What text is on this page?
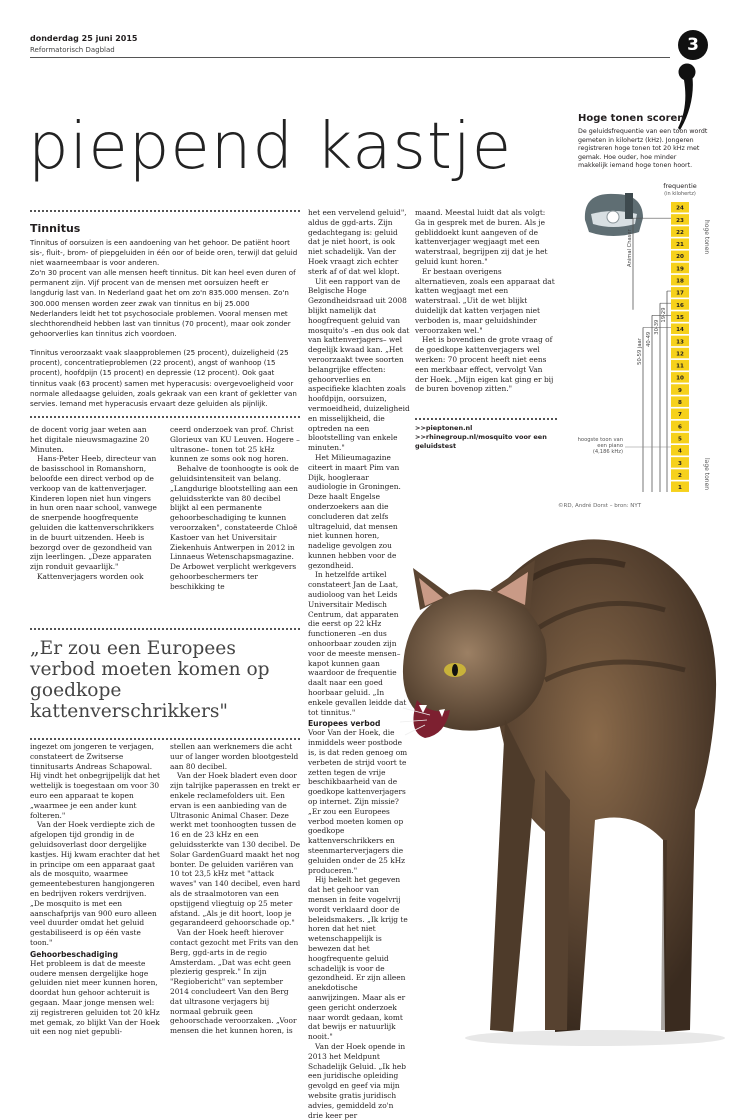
donderdag 25 juni 2015
Reformatorisch Dagblad	3
piepend kastje
Tinnitus

Tinnitus of oorsuizen is een aandoening van het gehoor. De patiënt hoort sis-, fluit-, brom- of piepgeluiden in één oor of beide oren, terwijl dat geluid niet waarneembaar is voor anderen.

Zo'n 30 procent van alle mensen heeft tinnitus. Dit kan heel even duren of permanent zijn. Vijf procent van de mensen met oorsuizen heeft er langdurig last van. In Nederland gaat het om zo'n 835.000 mensen. Zo'n 300.000 mensen worden zeer zwak van tinnitus en bij 25.000 Nederlanders leidt het tot psychosociale problemen. Vooral mensen met slechthorendheid hebben last van tinnitus (70 procent), maar ook zonder gehoorverlies kan tinnitus zich voordoen.

Tinnitus veroorzaakt vaak slaapproblemen (25 procent), duizeligheid (25 procent), concentratieproblemen (22 procent), angst of wanhoop (15 procent), hoofdpijn (15 procent) en depressie (12 procent). Ook gaat tinnitus vaak (63 procent) samen met hyperacusis: overgevoeligheid voor normale alledaagse geluiden, zoals gekraak van een krant of gekletter van servies. Iemand met hyperacusis ervaart deze geluiden als pijnlijk.

de docent vorig jaar weten aan het digitale nieuwsmagazine 20 Minuten.

Hans-Peter Heeb, directeur van de basisschool in Romanshorn, beloofde een direct verbod op de verkoop van de kattenverjager. Kinderen lopen niet hun vingers in hun oren naar school, vanwege de snerpende hoogfrequente geluiden die kattenverschrikkers in de buurt uitzenden. Heeb is bezorgd over de gezondheid van zijn leerlingen. „Deze apparaten zijn ronduit gevaarlijk."

Kattenverjagers worden ook

ceerd onderzoek van prof. Christ Glorieux van KU Leuven. Hogere –ultrasone– tonen tot 25 kHz kunnen ze soms ook nog horen.

Behalve de toonhoogte is ook de geluidsintensiteit van belang. „Langdurige blootstelling aan een geluidssterkte van 80 decibel blijkt al een permanente gehoorbeschadiging te kunnen veroorzaken", constateerde Chloë Kastoer van het Universitair Ziekenhuis Antwerpen in 2012 in Linnaeus Wetenschapsmagazine. De Arbowet verplicht werkgevers gehoorbeschermers ter beschikking te

„Er zou een Europees verbod moeten komen op goedkope kattenverschrikkers"

ingezet om jongeren te verjagen, constateert de Zwitserse tinnitusarts Andreas Schapowal. Hij vindt het onbegrijpelijk dat het wettelijk is toegestaan om voor 30 euro een apparaat te kopen „waarmee je een ander kunt folteren."

Van der Hoek verdiepte zich de afgelopen tijd grondig in de geluidsoverlast door dergelijke kastjes. Hij kwam erachter dat het in principe om een apparaat gaat als de mosquito, waarmee gemeentebesturen hangjongeren en bedrijven rokers verdrijven. „De mosquito is met een aanschafprijs van 900 euro alleen veel duurder omdat het geluid gestabiliseerd is op één vaste toon."

Gehoorbeschadiging

Het probleem is dat de meeste oudere mensen dergelijke hoge geluiden niet meer kunnen horen, doordat hun gehoor achteruit is gegaan. Maar jonge mensen wel: zij registreren geluiden tot 20 kHz met gemak, zo blijkt Van der Hoek uit een nog niet gepubli-

stellen aan werknemers die acht uur of langer worden blootgesteld aan 80 decibel.

Van der Hoek bladert even door zijn talrijke paperassen en trekt er enkele reclamefolders uit. Een ervan is een aanbieding van de Ultrasonic Animal Chaser. Deze werkt met toonhoogten tussen de 16 en de 23 kHz en een geluidssterkte van 130 decibel. De Solar GardenGuard maakt het nog bonter. De geluiden variëren van 10 tot 23,5 kHz met "attack waves" van 140 decibel, even hard als de straalmotoren van een opstijgend vliegtuig op 25 meter afstand. „Als je dit hoort, loop je gegarandeerd gehoorschade op."

Van der Hoek heeft hierover contact gezocht met Frits van den Berg, ggd-arts in de regio Amsterdam. „Dat was echt geen plezierig gesprek." In zijn "Regiobericht" van september 2014 concludeert Van den Berg dat ultrasone verjagers bij normaal gebruik geen gehoorschade veroorzaken. „Voor mensen die het kunnen horen, is

het een vervelend geluid", aldus de ggd-arts. Zijn gedachtegang is: geluid dat je niet hoort, is ook niet schadelijk. Van der Hoek vraagt zich echter sterk af of dat wel klopt.

Uit een rapport van de Belgische Hoge Gezondheidsraad uit 2008 blijkt namelijk dat hoogfrequent geluid van mosquito's –en dus ook dat van kattenverjagers– wel degelijk kwaad kan. „Het veroorzaakt twee soorten belangrijke effecten: gehoorverlies en aspecifieke klachten zoals hoofdpijn, oorsuizen, vermoeidheid, duizeligheid en misselijkheid, die optreden na een blootstelling van enkele minuten."

Het Milieumagazine citeert in maart Pim van Dijk, hoogleraar audiologie in Groningen. Deze haalt Engelse onderzoekers aan die concluderen dat zelfs ultrageluid, dat mensen niet kunnen horen, nadelige gevolgen zou kunnen hebben voor de gezondheid.

In hetzelfde artikel constateert Jan de Laat, audioloog van het Leids Universitair Medisch Centrum, dat apparaten die eerst op 22 kHz functioneren –en dus onhoorbaar zouden zijn voor de meeste mensen– kapot kunnen gaan waardoor de frequentie daalt naar een goed hoorbaar geluid. „In enkele gevallen leidde dat tot tinnitus."

Europees verbod

Voor Van der Hoek, die inmiddels weer postbode is, is dat reden genoeg om verbeten de strijd voort te zetten tegen de vrije beschikbaarheid van de goedkope kattenverjagers op internet. Zijn missie? „Er zou een Europees verbod moeten komen op goedkope kattenverschrikkers en steenmarterverjagers die geluiden onder de 25 kHz produceren."

Hij hekelt het gegeven dat het gehoor van mensen in feite vogelvrij wordt verklaard door de beleidsmakers. „Ik krijg te horen dat het niet wetenschappelijk is bewezen dat het hoogfrequente geluid schadelijk is voor de gezondheid. Er zijn alleen anekdotische aanwijzingen. Maar als er geen gericht onderzoek naar wordt gedaan, komt dat bewijs er natuurlijk nooit."

Van der Hoek opende in 2013 het Meldpunt Schadelijk Geluid. „Ik heb een juridische opleiding gevolgd en geef via mijn website gratis juridisch advies, gemiddeld zo'n drie keer per

maand. Meestal luidt dat als volgt: Ga in gesprek met de buren. Als je gebliddoekt kunt aangeven of de kattenverjager wegjaagt met een waterstraal, begrijpen zij dat je het geluid kunt horen."

Er bestaan overigens alternatieven, zoals een apparaat dat katten wegjaagt met een waterstraal. „Uit de wet blijkt duidelijk dat katten verjagen niet verboden is, maar geluidshinder veroorzaken wel."

Het is bovendien de grote vraag of de goedkope kattenverjagers wel werken: 70 procent heeft niet eens een merkbaar effect, vervolgt Van der Hoek. „Mijn eigen kat ging er bij de buren bovenop zitten."

>>pieptonen.nl
>>rhinegroup.nl/mosquito voor een geluidstest
Hoge tonen scoren

De geluidsfrequentie van een toon wordt gemeten in kilohertz (kHz). Jongeren registreren hoge tonen tot 20 kHz met gemak. Hoe ouder, hoe minder makkelijk iemand hoge tonen hoort.

frequentie
(in kilohertz)
hoge tonen
lage tonen
hoogste toon van een piano (4,186 kHz)
24
23
22
21
20
19
18
17
16
15
14
13
12
11
10
9
8
7
6
5
4
3
2
1
Animal Chaser
50-59 jaar 40-49
30-39
19-29
©RD, André Dorst – bron: NYT
